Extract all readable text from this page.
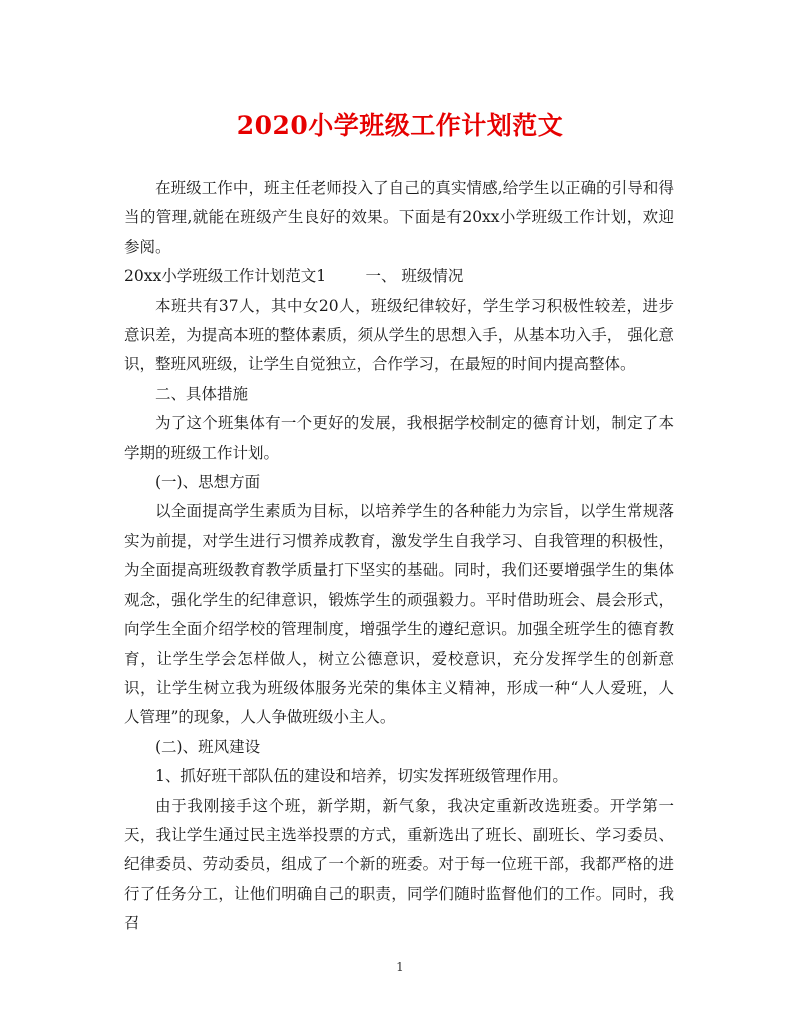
2020小学班级工作计划范文

在班级工作中，班主任老师投入了自己的真实情感,给学生以正确的引导和得当的管理,就能在班级产生良好的效果。下面是有20xx小学班级工作计划，欢迎参阅。

20xx小学班级工作计划范文1        一、 班级情况

本班共有37人，其中女20人，班级纪律较好，学生学习积极性较差，进步意识差，为提高本班的整体素质，须从学生的思想入手，从基本功入手， 强化意识，整班风班级，让学生自觉独立，合作学习，在最短的时间内提高整体。

二、具体措施

为了这个班集体有一个更好的发展，我根据学校制定的德育计划，制定了本学期的班级工作计划。

(一)、思想方面

以全面提高学生素质为目标，以培养学生的各种能力为宗旨，以学生常规落实为前提，对学生进行习惯养成教育，激发学生自我学习、自我管理的积极性，为全面提高班级教育教学质量打下坚实的基础。同时，我们还要增强学生的集体观念，强化学生的纪律意识，锻炼学生的顽强毅力。平时借助班会、晨会形式，向学生全面介绍学校的管理制度，增强学生的遵纪意识。加强全班学生的德育教育，让学生学会怎样做人，树立公德意识，爱校意识，充分发挥学生的创新意识，让学生树立我为班级体服务光荣的集体主义精神，形成一种“人人爱班，人人管理”的现象，人人争做班级小主人。

(二)、班风建设

1、抓好班干部队伍的建设和培养，切实发挥班级管理作用。

由于我刚接手这个班，新学期，新气象，我决定重新改选班委。开学第一天，我让学生通过民主选举投票的方式，重新选出了班长、副班长、学习委员、纪律委员、劳动委员，组成了一个新的班委。对于每一位班干部，我都严格的进行了任务分工，让他们明确自己的职责，同学们随时监督他们的工作。同时，我召

1
